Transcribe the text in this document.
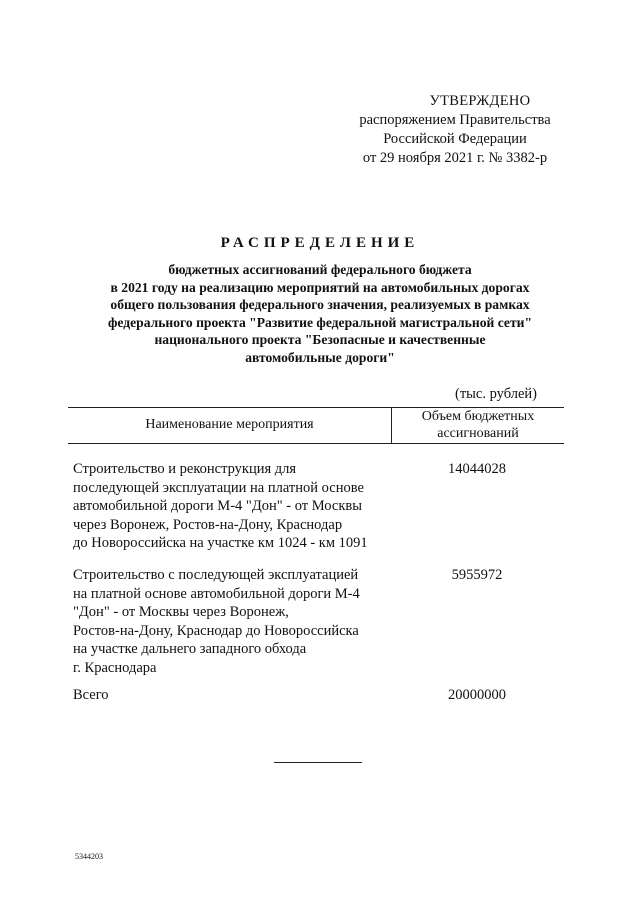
УТВЕРЖДЕНО
распоряжением Правительства
Российской Федерации
от 29 ноября 2021 г. № 3382-р
РАСПРЕДЕЛЕНИЕ
бюджетных ассигнований федерального бюджета
в 2021 году на реализацию мероприятий на автомобильных дорогах
общего пользования федерального значения, реализуемых в рамках
федерального проекта "Развитие федеральной магистральной сети"
национального проекта "Безопасные и качественные
автомобильные дороги"
(тыс. рублей)
Наименование мероприятия
Объем бюджетных
ассигнований
Строительство и реконструкция для
последующей эксплуатации на платной основе
автомобильной дороги М-4 "Дон" - от Москвы
через Воронеж, Ростов-на-Дону, Краснодар
до Новороссийска на участке км 1024 - км 1091
14044028
Строительство с последующей эксплуатацией
на платной основе автомобильной дороги М-4
"Дон" - от Москвы через Воронеж,
Ростов-на-Дону, Краснодар до Новороссийска
на участке дальнего западного обхода
г. Краснодара
5955972
Всего	20000000
5344203
